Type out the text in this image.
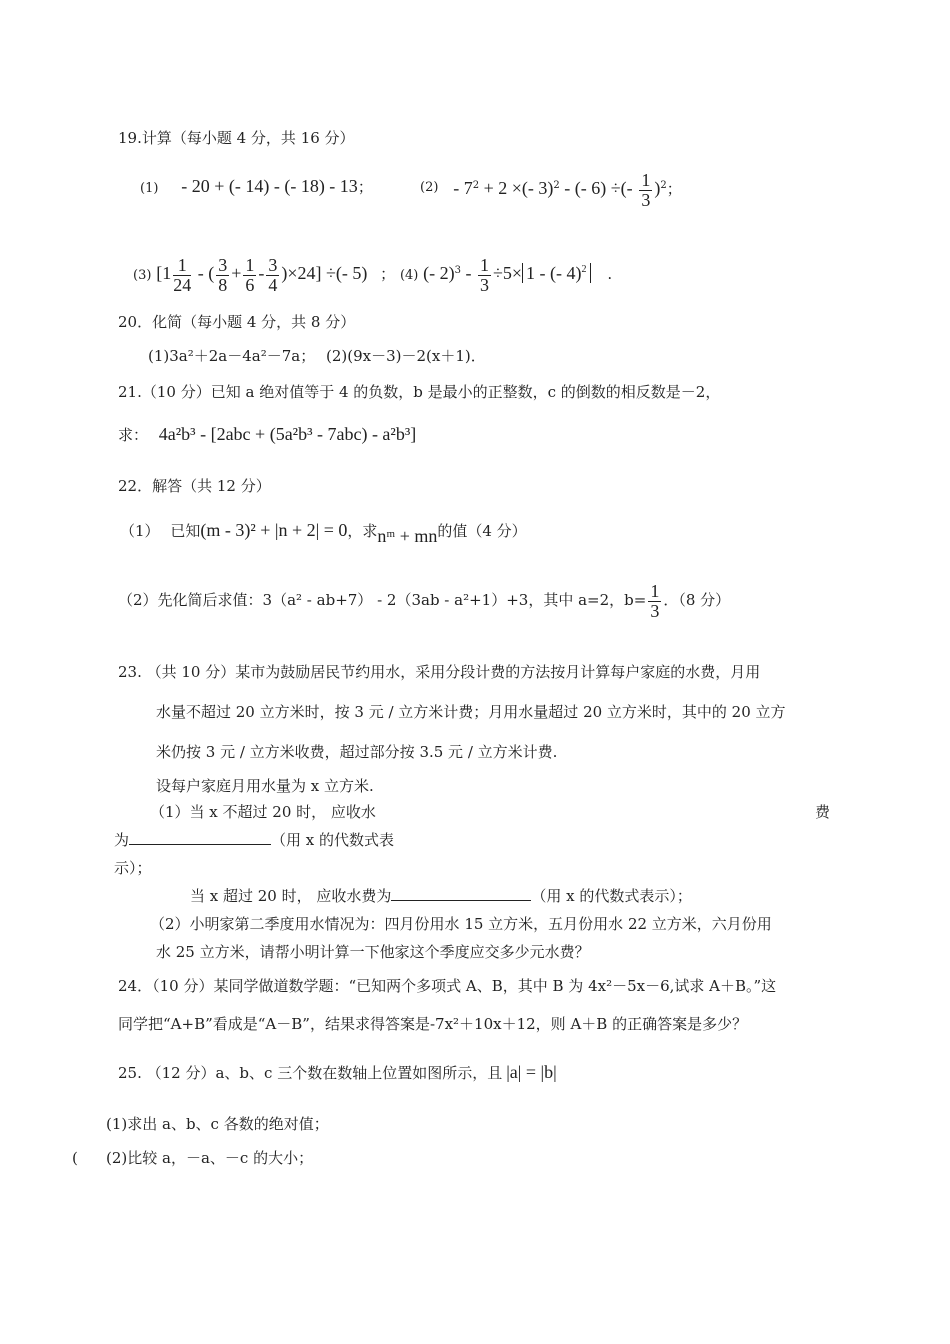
19.计算（每小题 4 分，共 16 分）
(1) - 20 + (- 14) - (- 18) - 13；	$(2) - 7^2 + 2$ ×(- 3)$^2$ - (- 6) ÷(- $\frac{1}{3} )^2$；
(3) [$1 \frac{1}{24}$ - ( $\frac{3}{8} + \frac{1}{6} - \frac{3}{4} )\times 24$] ÷(- 5) ； (4) (- $2)^3 - \frac{1}{3} \div 5\times 1$ - (- 4)$^2$ .
20．化简（每小题 4 分，共 8 分）
(1)3a²＋2a－4a²－7a； (2)(9x－3)－2(x＋1)．
21.（10 分）已知 a 绝对值等于 4 的负数，b 是最小的正整数，c 的倒数的相反数是－2，
求： 4a²b³ - [2abc + (5a²b³ - 7abc) - a²b³]
22．解答（共 12 分）
（1） 已知(m - 3)² + |n + 2| = 0，求nᵐ + mn的值（4 分）
（2）先化简后求值：3（a² - ab+7） - 2（3ab - a²+1）+3，其中 a=2，$b= \frac{1}{3}$ ．（8 分）
23. （共 10 分）某市为鼓励居民节约用水，采用分段计费的方法按月计算每户家庭的水费，月用
水量不超过 20 立方米时，按 3 元 / 立方米计费；月用水量超过 20 立方米时，其中的 20 立方
米仍按 3 元 / 立方米收费，超过部分按 3.5 元 / 立方米计费.
设每户家庭月用水量为 x 立方米.
（1）当 x 不超过 20 时， 应收水	费
为	（用 x 的代数式表
示）；
当 x 超过 20 时， 应收水费为	（用 x 的代数式表示）；
（2）小明家第二季度用水情况为：四月份用水 15 立方米，五月份用水 22 立方米，六月份用
水 25 立方米，请帮小明计算一下他家这个季度应交多少元水费？
24．（10 分）某同学做道数学题：“已知两个多项式 A、B，其中 B 为 4x²－5x－6,试求 A＋B。”这
同学把“A+B”看成是“A－B”，结果求得答案是-7x²＋10x＋12，则 A＋B 的正确答案是多少？
25. （12 分）a、b、c 三个数在数轴上位置如图所示，且 |a| = |b|
(1)求出 a、b、c 各数的绝对值；
( (2)比较 a，－a、－c 的大小；
